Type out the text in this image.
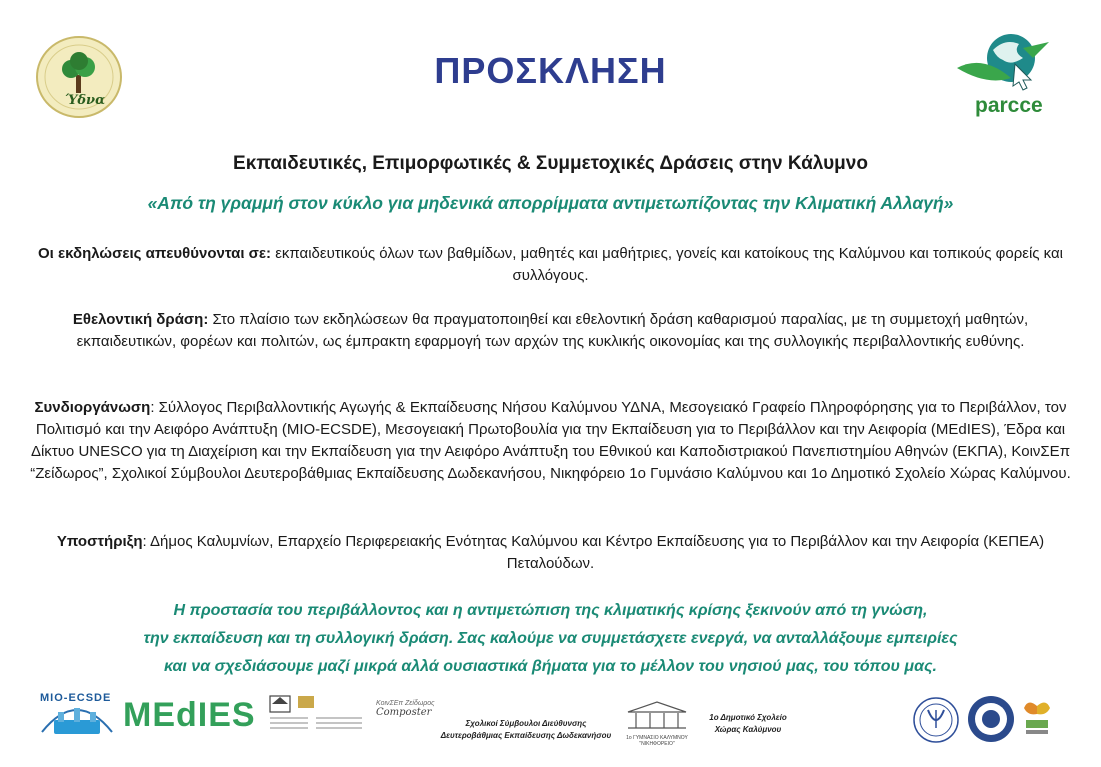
Ύδνα
ΠΡΟΣΚΛΗΣΗ
parcce
Εκπαιδευτικές, Επιμορφωτικές & Συμμετοχικές Δράσεις στην Κάλυμνο
«Από τη γραμμή στον κύκλο για μηδενικά απορρίμματα αντιμετωπίζοντας την Κλιματική Αλλαγή»
Οι εκδηλώσεις απευθύνονται σε: εκπαιδευτικούς όλων των βαθμίδων, μαθητές και μαθήτριες, γονείς και κατοίκους της Καλύμνου και τοπικούς φορείς και συλλόγους.
Εθελοντική δράση: Στο πλαίσιο των εκδηλώσεων θα πραγματοποιηθεί και εθελοντική δράση καθαρισμού παραλίας, με τη συμμετοχή μαθητών, εκπαιδευτικών, φορέων και πολιτών, ως έμπρακτη εφαρμογή των αρχών της κυκλικής οικονομίας και της συλλογικής περιβαλλοντικής ευθύνης.
Συνδιοργάνωση: Σύλλογος Περιβαλλοντικής Αγωγής & Εκπαίδευσης Νήσου Καλύμνου ΥΔΝΑ, Μεσογειακό Γραφείο Πληροφόρησης για το Περιβάλλον, τον Πολιτισμό και την Αειφόρο Ανάπτυξη (MIO-ECSDE), Μεσογειακή Πρωτοβουλία για την Εκπαίδευση για το Περιβάλλον και την Αειφορία (MEdIES), Έδρα και Δίκτυο UNESCO για τη Διαχείριση και την Εκπαίδευση για την Αειφόρο Ανάπτυξη του Εθνικού και Καποδιστριακού Πανεπιστημίου Αθηνών (ΕΚΠΑ), ΚοινΣΕπ “Ζείδωρος”, Σχολικοί Σύμβουλοι Δευτεροβάθμιας Εκπαίδευσης Δωδεκανήσου, Νικηφόρειο 1ο Γυμνάσιο Καλύμνου και 1ο Δημοτικό Σχολείο Χώρας Καλύμνου.
Υποστήριξη: Δήμος Καλυμνίων, Επαρχείο Περιφερειακής Ενότητας Καλύμνου και Κέντρο Εκπαίδευσης για το Περιβάλλον και την Αειφορία (ΚΕΠΕΑ) Πεταλούδων.
Η προστασία του περιβάλλοντος και η αντιμετώπιση της κλιματικής κρίσης ξεκινούν από τη γνώση,
την εκπαίδευση και τη συλλογική δράση. Σας καλούμε να συμμετάσχετε ενεργά, να ανταλλάξουμε εμπειρίες
και να σχεδιάσουμε μαζί μικρά αλλά ουσιαστικά βήματα για το μέλλον του νησιού μας, του τόπου μας.
MIO-ECSDE MEdIES	ΚοινΣΕπ Ζείδωρος
Composter
Σχολικοί Σύμβουλοι Διεύθυνσης
Δευτεροβάθμιας Εκπαίδευσης Δωδεκανήσου	1ο ΓΥΜΝΑΣΙΟ ΚΑΛΥΜΝΟΥ "ΝΙΚΗΦΟΡΕΙΟ"
1ο Δημοτικό Σχολείο
Χώρας Καλύμνου
